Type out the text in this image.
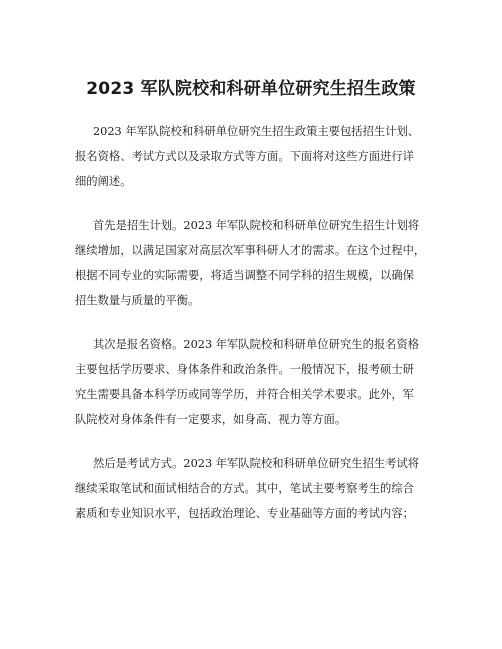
2023 军队院校和科研单位研究生招生政策
2023 年军队院校和科研单位研究生招生政策主要包括招生计划、
报名资格、考试方式以及录取方式等方面。下面将对这些方面进行详
细的阐述。
首先是招生计划。2023 年军队院校和科研单位研究生招生计划将
继续增加，以满足国家对高层次军事科研人才的需求。在这个过程中，
根据不同专业的实际需要，将适当调整不同学科的招生规模，以确保
招生数量与质量的平衡。
其次是报名资格。2023 年军队院校和科研单位研究生的报名资格
主要包括学历要求、身体条件和政治条件。一般情况下，报考硕士研
究生需要具备本科学历或同等学历，并符合相关学术要求。此外，军
队院校对身体条件有一定要求，如身高、视力等方面。
然后是考试方式。2023 年军队院校和科研单位研究生招生考试将
继续采取笔试和面试相结合的方式。其中，笔试主要考察考生的综合
素质和专业知识水平，包括政治理论、专业基础等方面的考试内容；
